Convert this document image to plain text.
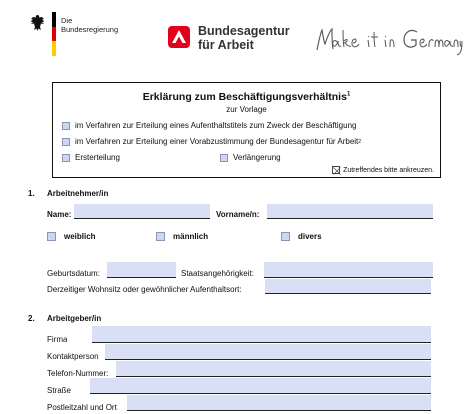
Die
Bundesregierung	Bundesagentur
für Arbeit
Erklärung zum Beschäftigungsverhältnis$^1$
zur Vorlage
im Verfahren zur Erteilung eines Aufenthaltstitels zum Zweck der Beschäftigung
im Verfahren zur Erteilung einer Vorabzustimmung der Bundesagentur für Arbeit 2
Ersterteilung	Verlängerung
Zutreffendes bitte ankreuzen.
1. Arbeitnehmer/in
Name:	Vorname/n:
weiblich	männlich	divers
Geburtsdatum:	Staatsangehörigkeit:
Derzeitiger Wohnsitz oder gewöhnlicher Aufenthaltsort:
2. Arbeitgeber/in
Firma
Kontaktperson
Telefon-Nummer:
Straße
Postleitzahl und Ort
